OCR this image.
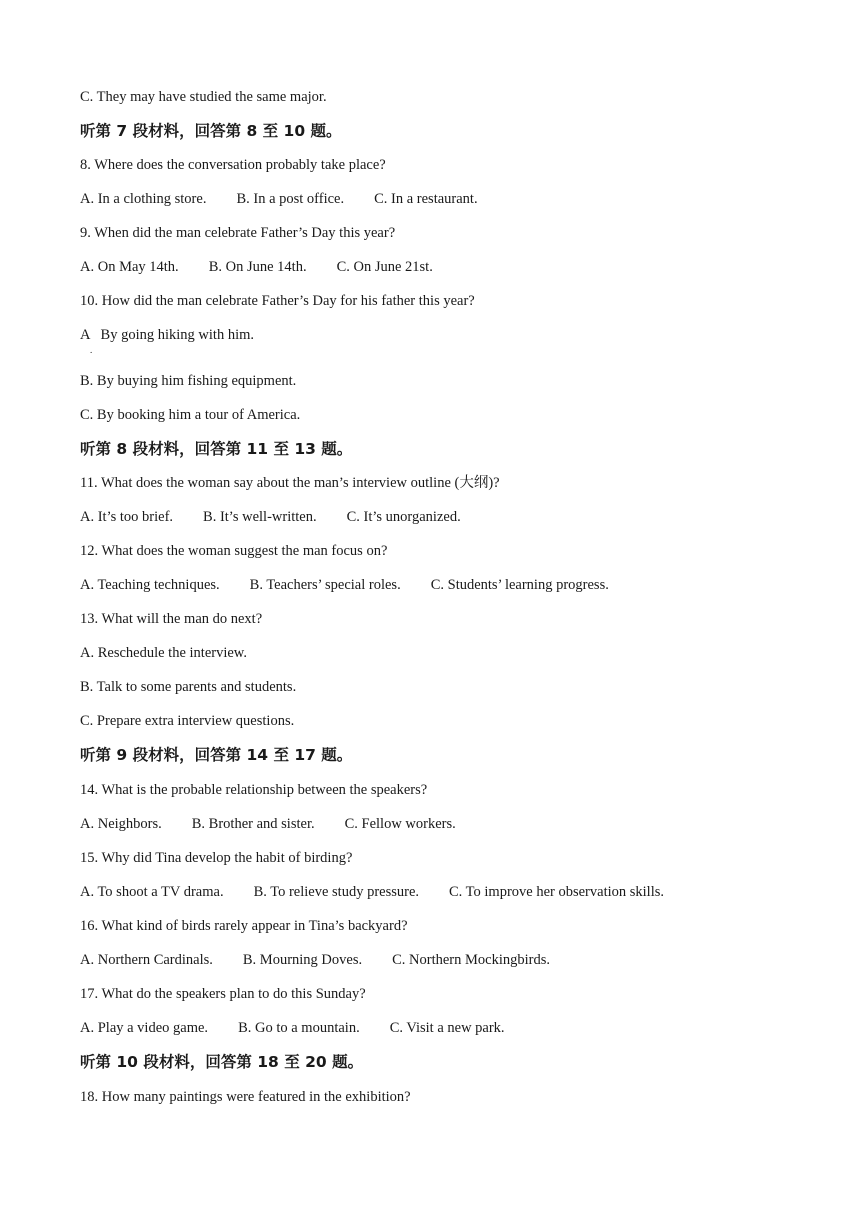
C. They may have studied the same major.
听第 7 段材料，回答第 8 至 10 题。
8. Where does the conversation probably take place?
A. In a clothing store. B. In a post office. C. In a restaurant.
9. When did the man celebrate Father’s Day this year?
A. On May 14th. B. On June 14th. C. On June 21st.
10. How did the man celebrate Father’s Day for his father this year?
A   By going hiking with him.
.
B. By buying him fishing equipment.
C. By booking him a tour of America.
听第 8 段材料，回答第 11 至 13 题。
11. What does the woman say about the man’s interview outline (大纲)?
A. It’s too brief. B. It’s well-written. C. It’s unorganized.
12. What does the woman suggest the man focus on?
A. Teaching techniques. B. Teachers’ special roles. C. Students’ learning progress.
13. What will the man do next?
A. Reschedule the interview.
B. Talk to some parents and students.
C. Prepare extra interview questions.
听第 9 段材料，回答第 14 至 17 题。
14. What is the probable relationship between the speakers?
A. Neighbors. B. Brother and sister. C. Fellow workers.
15. Why did Tina develop the habit of birding?
A. To shoot a TV drama. B. To relieve study pressure. C. To improve her observation skills.
16. What kind of birds rarely appear in Tina’s backyard?
A. Northern Cardinals. B. Mourning Doves. C. Northern Mockingbirds.
17. What do the speakers plan to do this Sunday?
A. Play a video game. B. Go to a mountain. C. Visit a new park.
听第 10 段材料，回答第 18 至 20 题。
18. How many paintings were featured in the exhibition?
